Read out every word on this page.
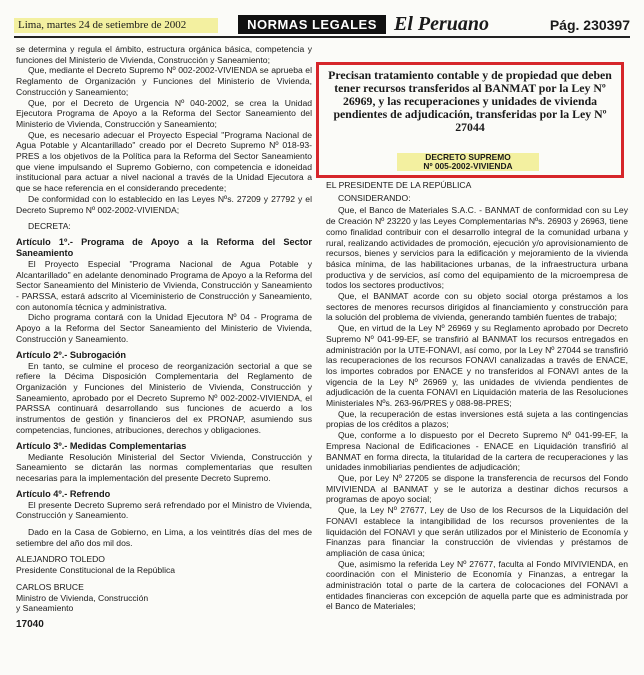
Lima, martes 24 de setiembre de 2002	NORMAS LEGALES El Peruano	Pág. 230397

se determina y regula el ámbito, estructura orgánica básica, competencia y funciones del Ministerio de Vivienda, Construcción y Saneamiento;

Que, mediante el Decreto Supremo Nº 002-2002-VIVIENDA se aprueba el Reglamento de Organización y Funciones del Ministerio de Vivienda, Construcción y Saneamiento;

Que, por el Decreto de Urgencia Nº 040-2002, se crea la Unidad Ejecutora Programa de Apoyo a la Reforma del Sector Saneamiento del Ministerio de Vivienda, Construcción y Saneamiento;

Que, es necesario adecuar el Proyecto Especial "Programa Nacional de Agua Potable y Alcantarillado" creado por el Decreto Supremo Nº 018-93-PRES a los objetivos de la Política para la Reforma del Sector Saneamiento que viene impulsando el Supremo Gobierno, con competencia e idoneidad institucional para actuar a nivel nacional a través de la Unidad Ejecutora a que se hace referencia en el considerando precedente;

De conformidad con lo establecido en las Leyes Nºs. 27209 y 27792 y el Decreto Supremo Nº 002-2002-VIVIENDA;

DECRETA:

Artículo 1º.- Programa de Apoyo a la Reforma del Sector Saneamiento

El Proyecto Especial "Programa Nacional de Agua Potable y Alcantarillado" en adelante denominado Programa de Apoyo a la Reforma del Sector Saneamiento del Ministerio de Vivienda, Construcción y Saneamiento - PARSSA, estará adscrito al Viceministerio de Construcción y Saneamiento, con autonomía técnica y administrativa.

Dicho programa contará con la Unidad Ejecutora Nº 04 - Programa de Apoyo a la Reforma del Sector Saneamiento del Ministerio de Vivienda, Construcción y Saneamiento.

Artículo 2º.- Subrogación

En tanto, se culmine el proceso de reorganización sectorial a que se refiere la Décima Disposición Complementaria del Reglamento de Organización y Funciones del Ministerio de Vivienda, Construcción y Saneamiento, aprobado por el Decreto Supremo Nº 002-2002-VIVIENDA, el PARSSA continuará desarrollando sus funciones de acuerdo a los instrumentos de gestión y financieros del ex PRONAP, asumiendo sus competencias, funciones, atribuciones, derechos y obligaciones.

Artículo 3º.- Medidas Complementarias

Mediante Resolución Ministerial del Sector Vivienda, Construcción y Saneamiento se dictarán las normas complementarias que resulten necesarias para la implementación del presente Decreto Supremo.

Artículo 4º.- Refrendo

El presente Decreto Supremo será refrendado por el Ministro de Vivienda, Construcción y Saneamiento.

Dado en la Casa de Gobierno, en Lima, a los veintitrés días del mes de setiembre del año dos mil dos.

ALEJANDRO TOLEDO

Presidente Constitucional de la República

CARLOS BRUCE

Ministro de Vivienda, Construcción

y Saneamiento

17040
Precisan tratamiento contable y de propiedad que deben tener recursos transferidos al BANMAT por la Ley Nº 26969, y las recuperaciones y unidades de vivienda pendientes de adjudicación, transferidas por la Ley Nº 27044
DECRETO SUPREMO
Nº 005-2002-VIVIENDA

EL PRESIDENTE DE LA REPÚBLICA

CONSIDERANDO:

Que, el Banco de Materiales S.A.C. - BANMAT de conformidad con su Ley de Creación Nº 23220 y las Leyes Complementarias Nºs. 26903 y 26963, tiene como finalidad contribuir con el desarrollo integral de la comunidad urbana y rural, realizando actividades de promoción, ejecución y/o aprovisionamiento de recursos, bienes y servicios para la edificación y mejoramiento de la vivienda básica mínima, de las habilitaciones urbanas, de la infraestructura urbana productiva y de servicios, así como del equipamiento de la microempresa de todos los sectores productivos;

Que, el BANMAT acorde con su objeto social otorga préstamos a los sectores de menores recursos dirigidos al financiamiento y construcción para la solución del problema de vivienda, generando también fuentes de trabajo;

Que, en virtud de la Ley Nº 26969 y su Reglamento aprobado por Decreto Supremo Nº 041-99-EF, se transfirió al BANMAT los recursos entregados en administración por la UTE-FONAVI, así como, por la Ley Nº 27044 se transfirió las recuperaciones de los recursos FONAVI canalizadas a través de ENACE, los importes cobrados por ENACE y no transferidos al FONAVI antes de la vigencia de la Ley Nº 26969 y, las unidades de vivienda pendientes de adjudicación de la cuenta FONAVI en Liquidación materia de las Resoluciones Ministeriales Nºs. 263-96/PRES y 088-98-PRES;

Que, la recuperación de estas inversiones está sujeta a las contingencias propias de los créditos a plazos;

Que, conforme a lo dispuesto por el Decreto Supremo Nº 041-99-EF, la Empresa Nacional de Edificaciones - ENACE en Liquidación transfirió al BANMAT en forma directa, la titularidad de la cartera de recuperaciones y las unidades inmobiliarias pendientes de adjudicación;

Que, por Ley Nº 27205 se dispone la transferencia de recursos del Fondo MIVIVIENDA al BANMAT y se le autoriza a destinar dichos recursos a programas de apoyo social;

Que, la Ley Nº 27677, Ley de Uso de los Recursos de la Liquidación del FONAVI establece la intangibilidad de los recursos provenientes de la liquidación del FONAVI y que serán utilizados por el Ministerio de Economía y Finanzas para financiar la construcción de viviendas y préstamos de ampliación de casa única;

Que, asimismo la referida Ley Nº 27677, faculta al Fondo MIVIVIENDA, en coordinación con el Ministerio de Economía y Finanzas, a entregar la administración total o parte de la cartera de colocaciones del FONAVI a entidades financieras con excepción de aquella parte que es administrada por el Banco de Materiales;
